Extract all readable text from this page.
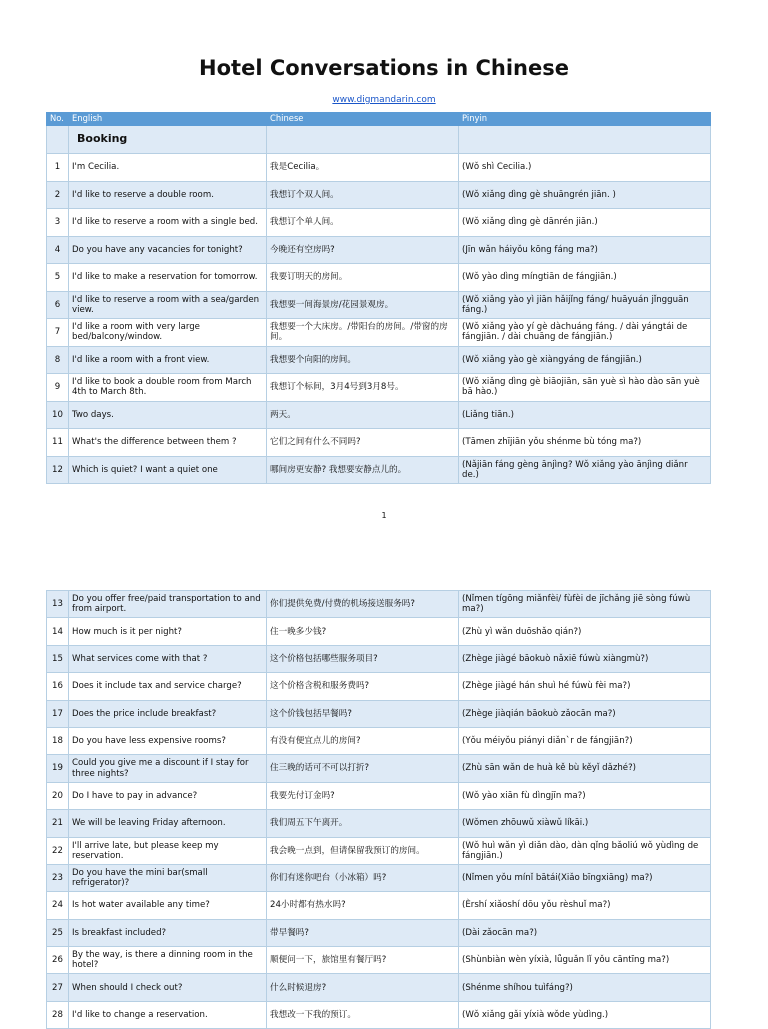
Hotel Conversations in Chinese
www.digmandarin.com
No.	English	Chinese	Pinyin
	Booking		
1	I'm Cecilia.	我是Cecilia。	(Wǒ shì Cecilia.)
2	I'd like to reserve a double room.	我想订个双人间。	(Wǒ xiǎng dìng gè shuāngrén jiān. )
3	I'd like to reserve a room with a single bed.	我想订个单人间。	(Wǒ xiǎng dìng gè dānrén jiān.)
4	Do you have any vacancies for tonight?	今晚还有空房吗?	(Jīn wǎn háiyǒu kōng fáng ma?)
5	I'd like to make a reservation for tomorrow.	我要订明天的房间。	(Wǒ yào dìng míngtiān de fángjiān.)
6	I'd like to reserve a room with a sea/garden view.	我想要一间海景房/花园景观房。	(Wǒ xiǎng yào yì jiān hǎijǐng fáng/ huāyuán jǐngguān fáng.)
7	I'd like a room with very large bed/balcony/window.	我想要一个大床房。/带阳台的房间。/带窗的房间。	(Wǒ xiǎng yào yí gè dàchuáng fáng. / dài yángtái de fángjiān. / dài chuāng de fángjiān.)
8	I'd like a room with a front view.	我想要个向阳的房间。	(Wǒ xiǎng yào gè xiàngyáng de fángjiān.)
9	I'd like to book a double room from March 4th to March 8th.	我想订个标间，3月4号到3月8号。	(Wǒ xiǎng dìng gè biāojiān, sān yuè sì hào dào sān yuè bā hào.)
10	Two days.	两天。	(Liǎng tiān.)
11	What's the difference between them ?	它们之间有什么不同吗?	(Tāmen zhījiān yǒu shénme bù tóng ma?)
12	Which is quiet? I want a quiet one	哪间房更安静? 我想要安静点儿的。	(Nǎjiān fáng gèng ānjìng? Wǒ xiǎng yào ānjìng diǎnr de.)
1
13	Do you offer free/paid transportation to and from airport.	你们提供免费/付费的机场接送服务吗?	(Nǐmen tígōng miǎnfèi/ fùfèi de jīchǎng jiē sòng fúwù ma?)
14	How much is it per night?	住一晚多少钱?	(Zhù yì wǎn duōshǎo qián?)
15	What services come with that ?	这个价格包括哪些服务项目?	(Zhège jiàgé bāokuò nǎxiē fúwù xiàngmù?)
16	Does it include tax and service charge?	这个价格含税和服务费吗?	(Zhège jiàgé hán shuì hé fúwù fèi ma?)
17	Does the price include breakfast?	这个价钱包括早餐吗?	(Zhège jiàqián bāokuò zǎocān ma?)
18	Do you have less expensive rooms?	有没有便宜点儿的房间?	(Yǒu méiyǒu piányi diǎn`r de fángjiān?)
19	Could you give me a discount if I stay for three nights?	住三晚的话可不可以打折?	(Zhù sān wǎn de huà kě bù kěyǐ dǎzhé?)
20	Do I have to pay in advance?	我要先付订金吗?	(Wǒ yào xiān fù dìngjīn ma?)
21	We will be leaving Friday afternoon.	我们周五下午离开。	(Wǒmen zhōuwǔ xiàwǔ líkāi.)
22	I'll arrive late, but please keep my reservation.	我会晚一点到，但请保留我预订的房间。	(Wǒ huì wǎn yì diǎn dào, dàn qǐng bǎoliú wǒ yùdìng de fángjiān.)
23	Do you have the mini bar(small refrigerator)?	你们有迷你吧台（小冰箱）吗?	(Nǐmen yǒu mínǐ bātái(Xiǎo bīngxiāng) ma?)
24	Is hot water available any time?	24小时都有热水吗?	(Èrshí xiǎoshí dōu yǒu rèshuǐ ma?)
25	Is breakfast included?	带早餐吗?	(Dài zǎocān ma?)
26	By the way, is there a dinning room in the hotel?	顺便问一下，旅馆里有餐厅吗?	(Shùnbiàn wèn yíxià, lǚguǎn lǐ yǒu cāntīng ma?)
27	When should I check out?	什么时候退房?	(Shénme shíhou tuìfáng?)
28	I'd like to change a reservation.	我想改一下我的预订。	(Wǒ xiǎng gǎi yíxià wǒde yùdìng.)
